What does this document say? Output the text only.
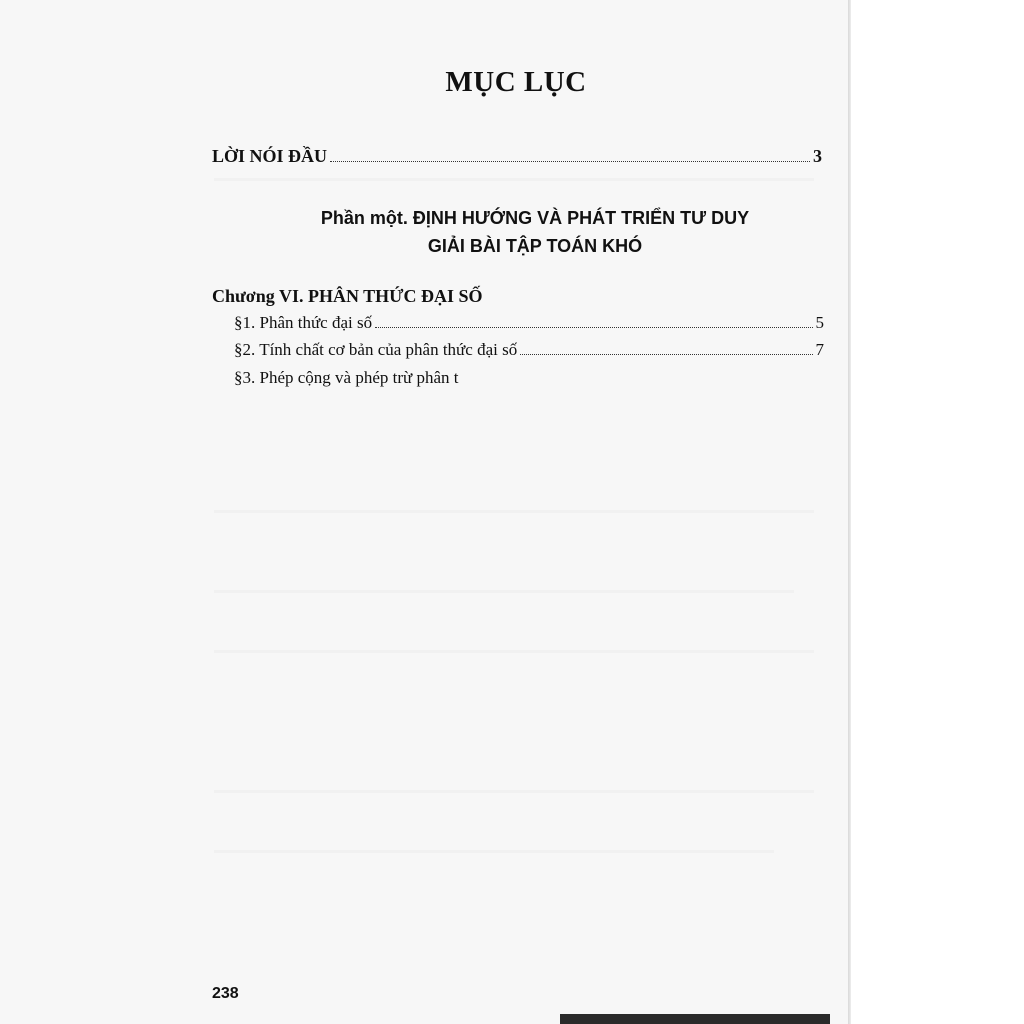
MỤC LỤC
LỜI NÓI ĐẦU	3
Phần một. ĐỊNH HƯỚNG VÀ PHÁT TRIỂN TƯ DUY
GIẢI BÀI TẬP TOÁN KHÓ
Chương VI. PHÂN THỨC ĐẠI SỐ
§1. Phân thức đại số	5
§2. Tính chất cơ bản của phân thức đại số	7
§3. Phép cộng và phép trừ phân t
238
